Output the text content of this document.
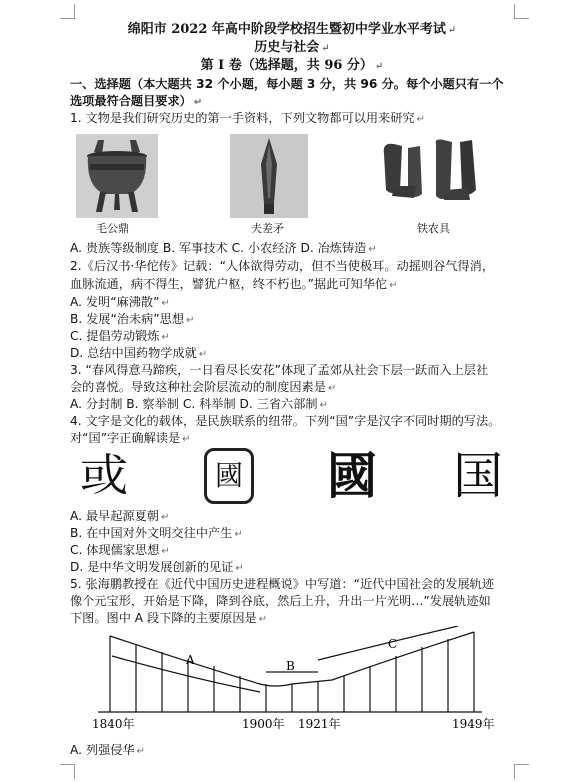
绵阳市 2022 年高中阶段学校招生暨初中学业水平考试 ↵
历史与社会 ↵
第 I 卷（选择题，共 96 分） ↵
一、选择题（本大题共 32 个小题，每小题 3 分，共 96 分。每个小题只有一个
选项最符合题目要求） ↵
1. 文物是我们研究历史的第一手资料，下列文物都可以用来研究 ↵
毛公鼎	夫差矛	铁农具
A. 贵族等级制度 B. 军事技术 C. 小农经济 D. 冶炼铸造 ↵
2.《后汉书·华佗传》记载：“人体欲得劳动，但不当使极耳。动摇则谷气得消，
血脉流通，病不得生，譬犹户枢，终不朽也。”据此可知华佗 ↵
A. 发明“麻沸散” ↵
B. 发展“治未病”思想 ↵
C. 提倡劳动锻炼 ↵
D. 总结中国药物学成就 ↵
3. “春风得意马蹄疾，一日看尽长安花”体现了孟郊从社会下层一跃而入上层社
会的喜悦。导致这种社会阶层流动的制度因素是 ↵
A. 分封制 B. 察举制 C. 科举制 D. 三省六部制 ↵
4. 文字是文化的载体，是民族联系的纽带。下列“国”字是汉字不同时期的写法。
对“国”字正确解读是 ↵
或	國 國 国
A. 最早起源夏朝 ↵
B. 在中国对外文明交往中产生 ↵
C. 体现儒家思想 ↵
D. 是中华文明发展创新的见证 ↵
5. 张海鹏教授在《近代中国历史进程概说》中写道：“近代中国社会的发展轨迹
像个元宝形，开始是下降，降到谷底，然后上升，升出一片光明…”发展轨迹如
下图。图中 A 段下降的主要原因是 ↵
A	B
C
1840年	1900年 1921年	1949年
A. 列强侵华 ↵
